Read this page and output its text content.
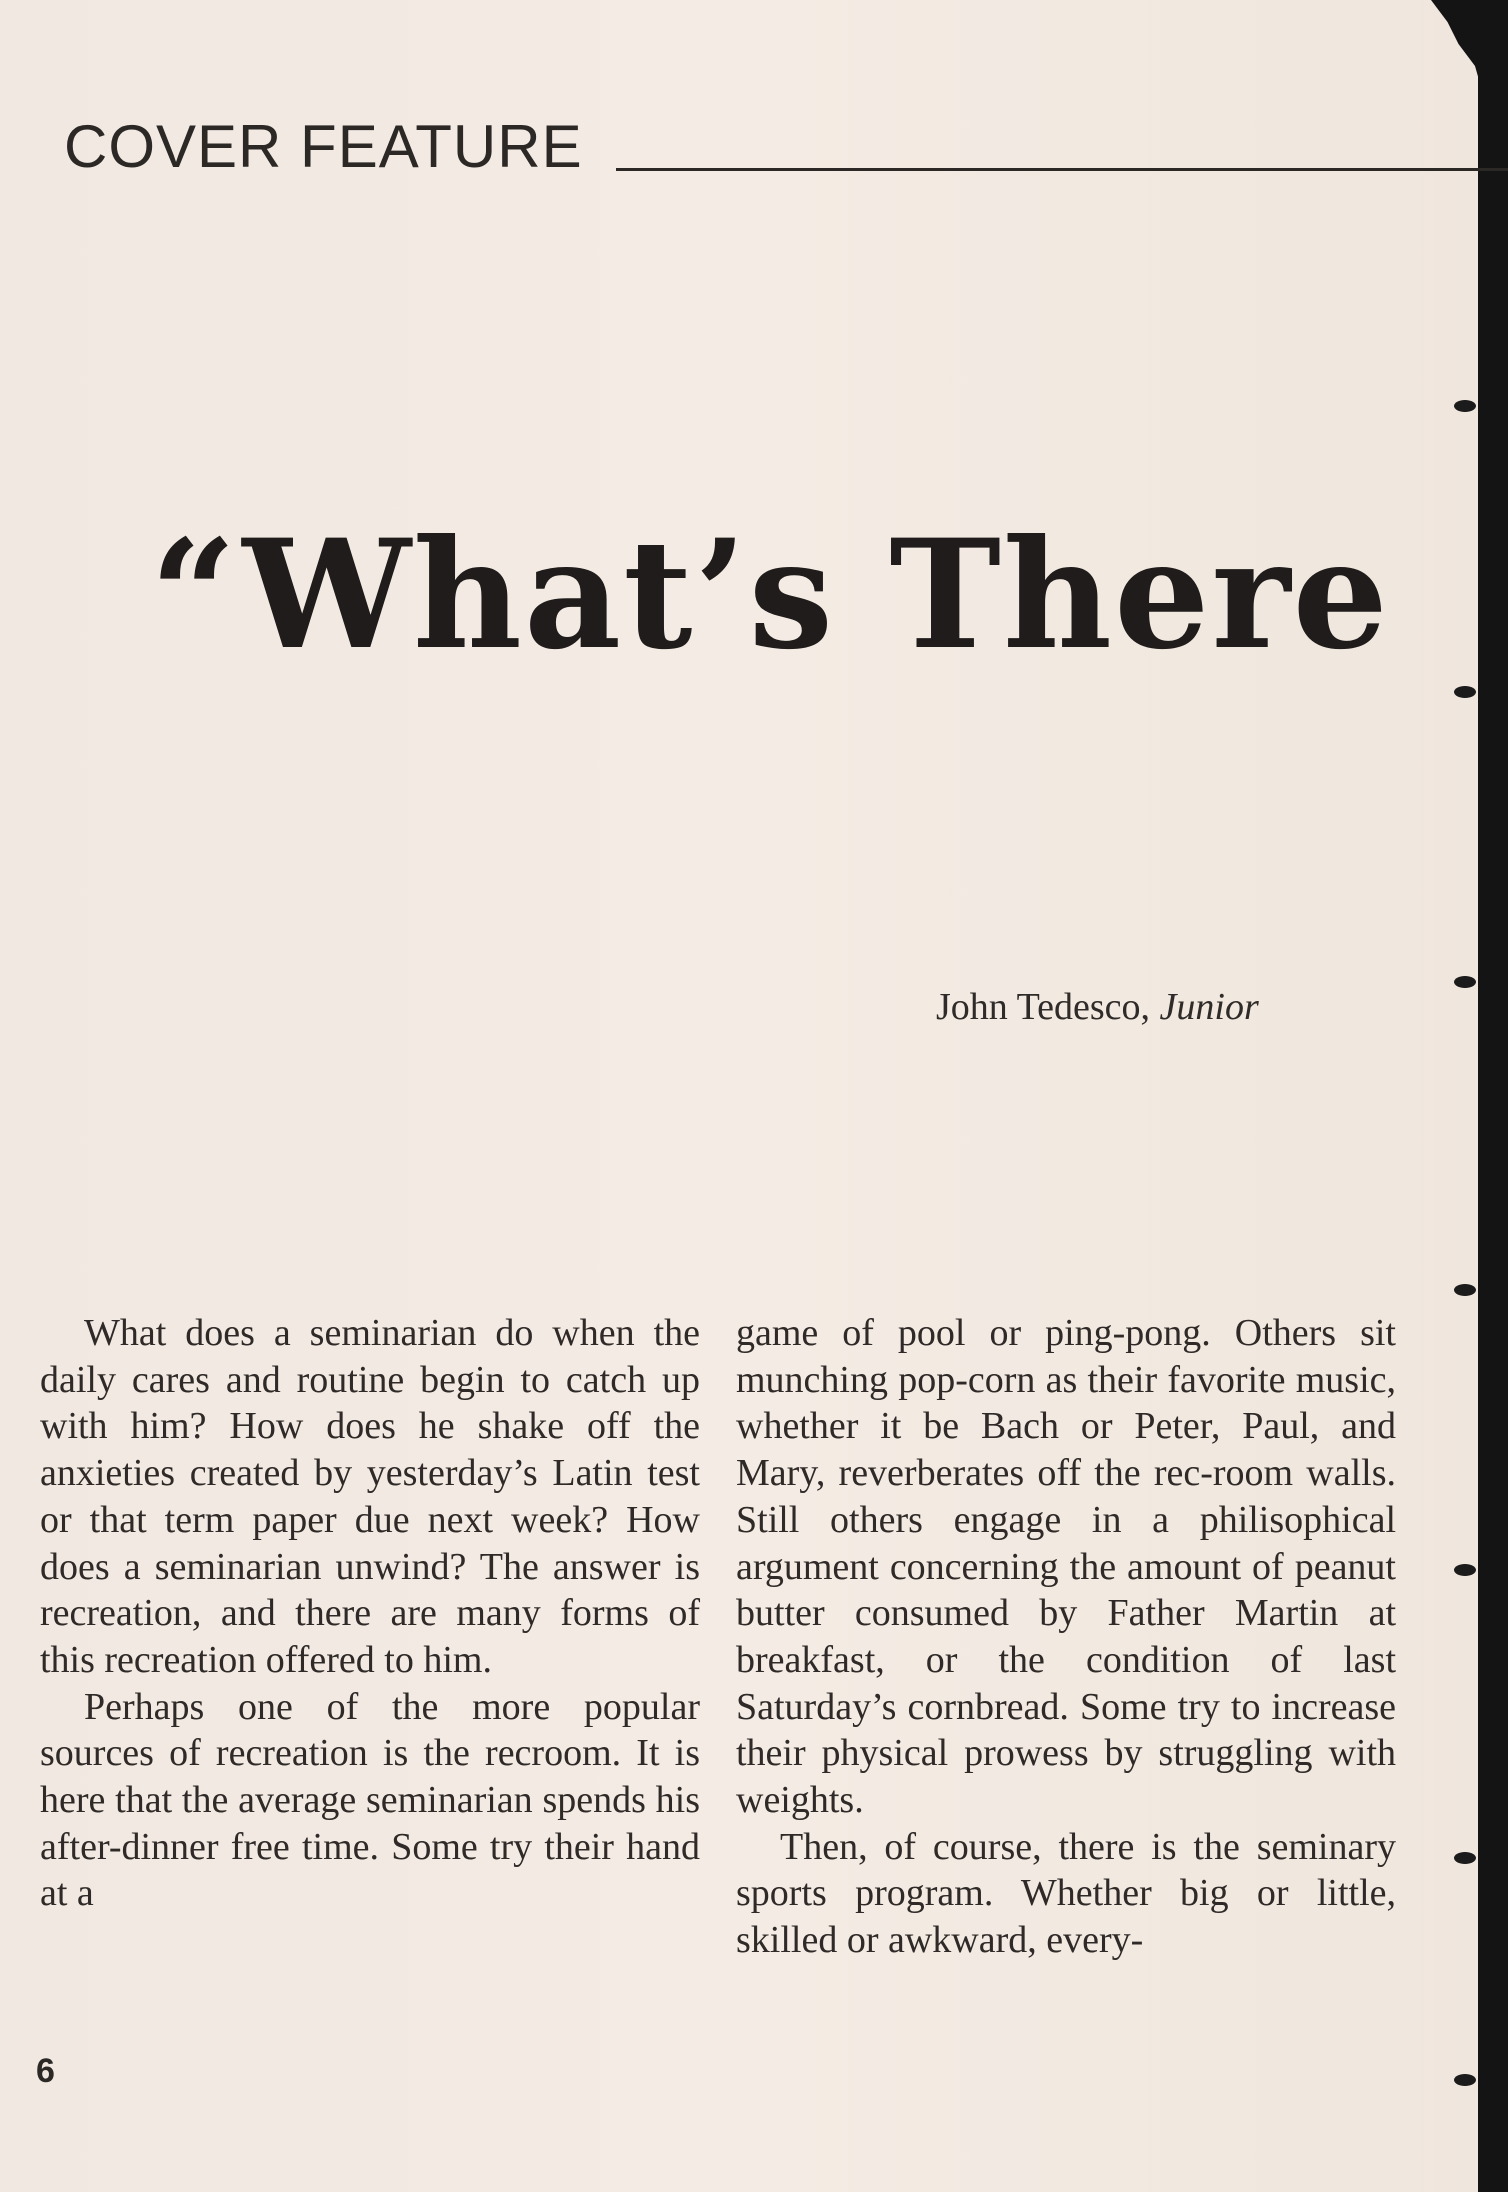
COVER FEATURE
“What’s There
John Tedesco, Junior

What does a seminarian do when the daily cares and routine begin to catch up with him? How does he shake off the anxieties created by yesterday’s Latin test or that term paper due next week? How does a seminarian unwind? The answer is recreation, and there are many forms of this recreation offered to him.

Perhaps one of the more popular sources of recreation is the recroom. It is here that the average seminarian spends his after-dinner free time. Some try their hand at a

game of pool or ping-pong. Others sit munching pop-corn as their favorite music, whether it be Bach or Peter, Paul, and Mary, reverberates off the rec-room walls. Still others engage in a philisophical argument concerning the amount of peanut butter consumed by Father Martin at breakfast, or the condition of last Saturday’s cornbread. Some try to increase their physical prowess by struggling with weights.

Then, of course, there is the seminary sports program. Whether big or little, skilled or awkward, every-

6
